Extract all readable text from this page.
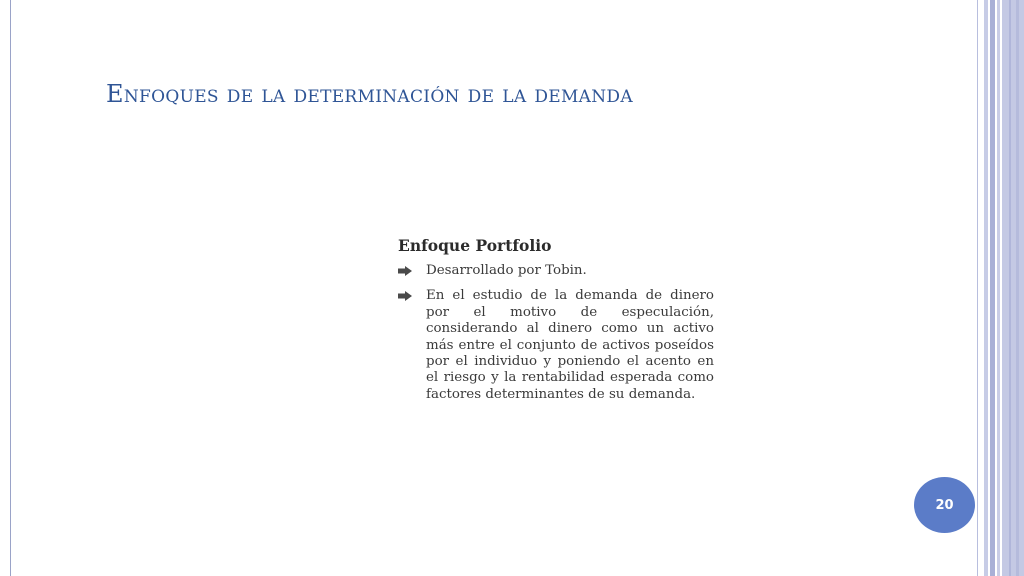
Enfoques de la determinación de la demanda
Enfoque Portfolio
Desarrollado por Tobin.
En el estudio de la demanda de dinero por el motivo de especulación, considerando al dinero como un activo más entre el conjunto de activos poseídos por el individuo y poniendo el acento en el riesgo y la rentabilidad esperada como factores determinantes de su demanda.
20
